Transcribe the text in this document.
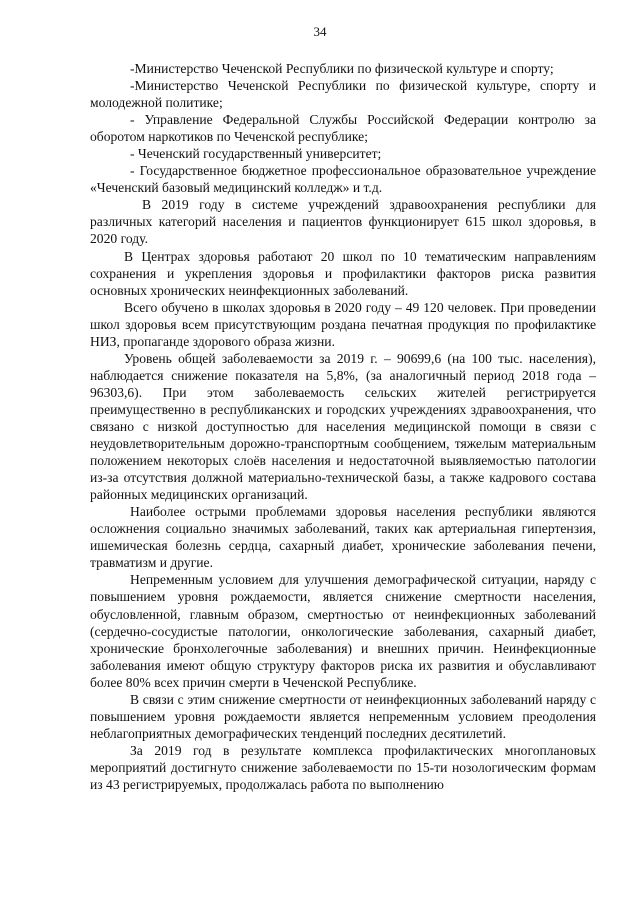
34

-Министерство Чеченской Республики по физической культуре и спорту;

-Министерство Чеченской Республики по физической культуре, спорту и молодежной политике;

- Управление Федеральной Службы Российской Федерации контролю за оборотом наркотиков по Чеченской республике;

- Чеченский государственный университет;

- Государственное бюджетное профессиональное образовательное учреждение «Чеченский базовый медицинский колледж» и т.д.

В 2019 году в системе учреждений здравоохранения республики для различных категорий населения и пациентов функционирует 615 школ здоровья, в 2020 году.

В Центрах здоровья работают 20 школ по 10 тематическим направлениям сохранения и укрепления здоровья и профилактики факторов риска развития основных хронических неинфекционных заболеваний.

Всего обучено в школах здоровья в 2020 году – 49 120 человек. При проведении школ здоровья всем присутствующим роздана печатная продукция по профилактике НИЗ, пропагандe здорового образа жизни.

Уровень общей заболеваемости за 2019 г. – 90699,6 (на 100 тыс. населения), наблюдается снижение показателя на 5,8%, (за аналогичный период 2018 года – 96303,6). При этом заболеваемость сельских жителей регистрируется преимущественно в республиканских и городских учреждениях здравоохранения, что связано с низкой доступностью для населения медицинской помощи в связи с неудовлетворительным дорожно-транспортным сообщением, тяжелым материальным положением некоторых слоёв населения и недостаточной выявляемостью патологии из-за отсутствия должной материально-технической базы, а также кадрового состава районных медицинских организаций.

Наиболее острыми проблемами здоровья населения республики являются осложнения социально значимых заболеваний, таких как артериальная гипертензия, ишемическая болезнь сердца, сахарный диабет, хронические заболевания печени, травматизм и другие.

Непременным условием для улучшения демографической ситуации, наряду с повышением уровня рождаемости, является снижение смертности населения, обусловленной, главным образом, смертностью от неинфекционных заболеваний (сердечно-сосудистые патологии, онкологические заболевания, сахарный диабет, хронические бронхолегочные заболевания) и внешних причин. Неинфекционные заболевания имеют общую структуру факторов риска их развития и обуславливают более 80% всех причин смерти в Чеченской Республике.

В связи с этим снижение смертности от неинфекционных заболеваний наряду с повышением уровня рождаемости является непременным условием преодоления неблагоприятных демографических тенденций последних десятилетий.

За 2019 год в результате комплекса профилактических многоплановых мероприятий достигнуто снижение заболеваемости по 15-ти нозологическим формам из 43 регистрируемых, продолжалась работа по выполнению
